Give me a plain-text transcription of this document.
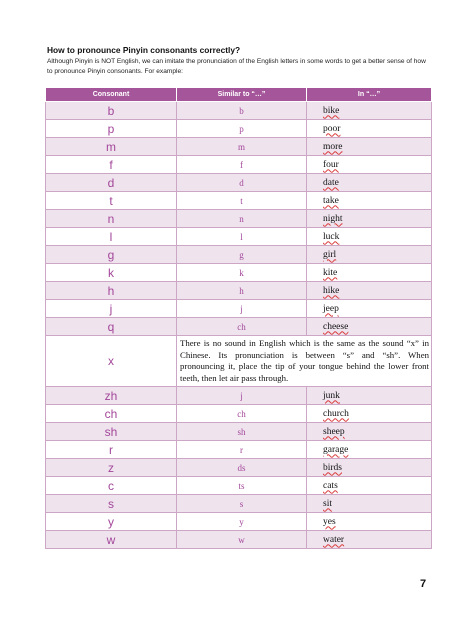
How to pronounce Pinyin consonants correctly?
Although Pinyin is NOT English, we can imitate the pronunciation of the English letters in some words to get a better sense of how to pronounce Pinyin consonants. For example:
Consonant	Similar to “…”	In “…”
b	b	bike
p	p	poor
m	m	more
f	f	four
d	d	date
t	t	take
n	n	night
l	l	luck
g	g	girl
k	k	kite
h	h	hike
j	j	jeep
q	ch	cheese
x	There is no sound in English which is the same as the sound “x” in Chinese. Its pronunciation is between “s” and “sh”. When pronouncing it, place the tip of your tongue behind the lower front teeth, then let air pass through.	
zh	j	junk
ch	ch	church
sh	sh	sheep
r	r	garage
z	ds	birds
c	ts	cats
s	s	sit
y	y	yes
w	w	water
7
